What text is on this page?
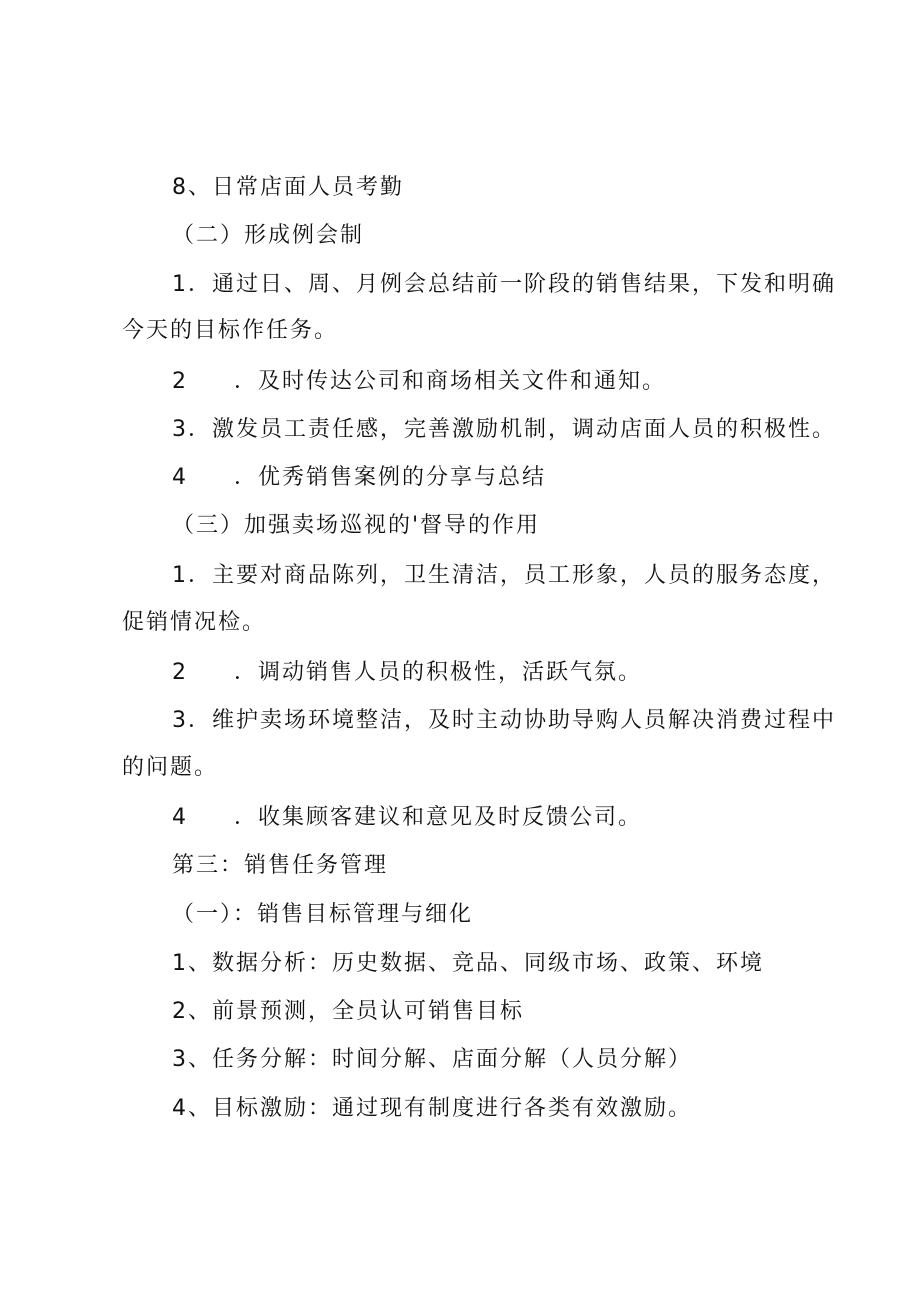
8、日常店面人员考勤
（二）形成例会制
1．通过日、周、月例会总结前一阶段的销售结果，下发和明确
今天的目标作任务。
2 ．及时传达公司和商场相关文件和通知。
3．激发员工责任感，完善激励机制，调动店面人员的积极性。
4 ．优秀销售案例的分享与总结
（三）加强卖场巡视的'督导的作用
1．主要对商品陈列，卫生清洁，员工形象，人员的服务态度，
促销情况检。
2 ．调动销售人员的积极性，活跃气氛。
3．维护卖场环境整洁，及时主动协助导购人员解决消费过程中
的问题。
4 ．收集顾客建议和意见及时反馈公司。
第三：销售任务管理
（一）：销售目标管理与细化
1、数据分析：历史数据、竞品、同级市场、政策、环境
2、前景预测，全员认可销售目标
3、任务分解：时间分解、店面分解（人员分解）
4、目标激励：通过现有制度进行各类有效激励。
